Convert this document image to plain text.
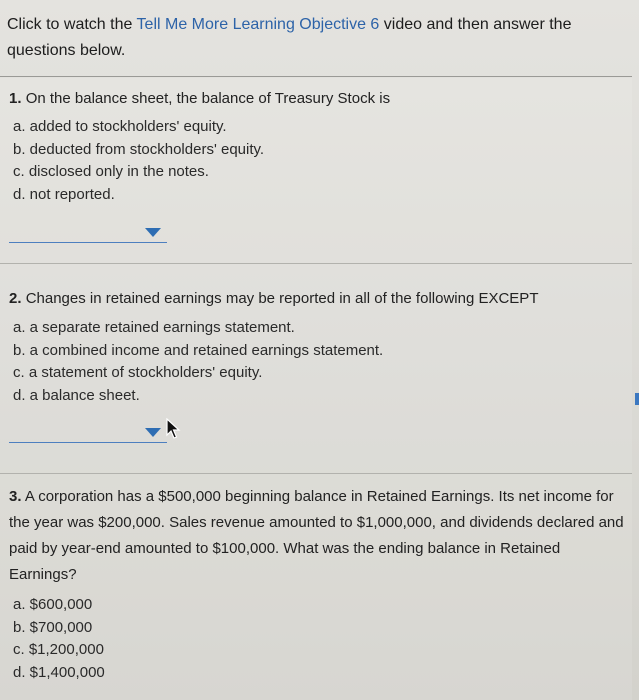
Click to watch the Tell Me More Learning Objective 6 video and then answer the questions below.
1. On the balance sheet, the balance of Treasury Stock is
a. added to stockholders' equity.
b. deducted from stockholders' equity.
c. disclosed only in the notes.
d. not reported.
2. Changes in retained earnings may be reported in all of the following EXCEPT
a. a separate retained earnings statement.
b. a combined income and retained earnings statement.
c. a statement of stockholders' equity.
d. a balance sheet.
3. A corporation has a $500,000 beginning balance in Retained Earnings. Its net income for the year was $200,000. Sales revenue amounted to $1,000,000, and dividends declared and paid by year-end amounted to $100,000. What was the ending balance in Retained Earnings?
a. $600,000
b. $700,000
c. $1,200,000
d. $1,400,000
